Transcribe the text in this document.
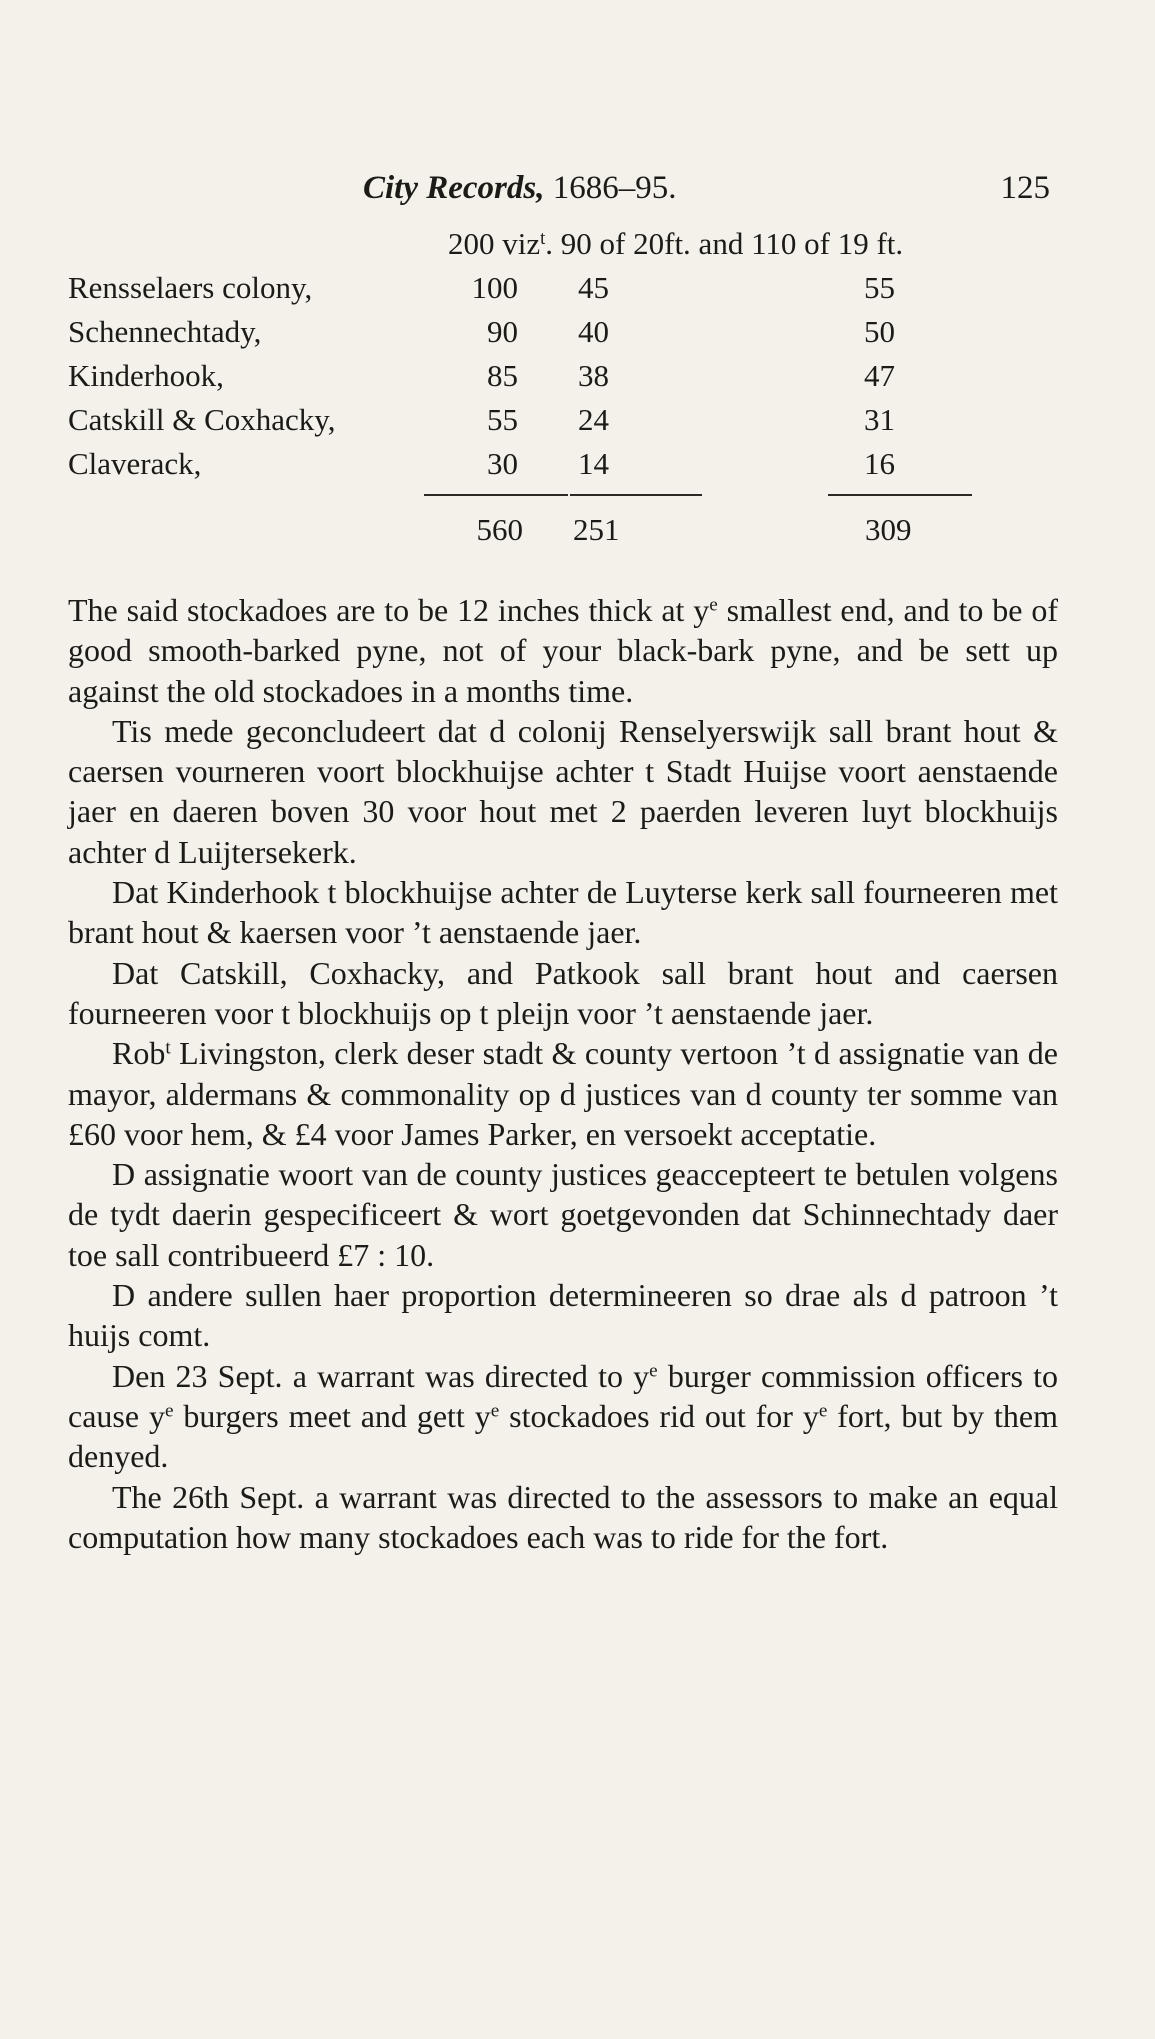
City Records, 1686–95.	125
200 viz$^t$. 90 of 20ft. and 110 of 19 ft.
Rensselaers colony,	100 45	55
Schennechtady,	90 40	50
Kinderhook,	85 38	47
Catskill & Coxhacky,	55 24	31
Claverack,	30 14	16
560 251	309

The said stockadoes are to be 12 inches thick at $y^e$ smallest end, and to be of good smooth-barked pyne, not of your black-bark pyne, and be sett up against the old stockadoes in a months time.

Tis mede geconcludeert dat d colonij Renselyerswijk sall brant hout & caersen vourneren voort blockhuijse achter t Stadt Huijse voort aenstaende jaer en daeren boven 30 voor hout met 2 paerden leveren luyt blockhuijs achter d Luijtersekerk.

Dat Kinderhook t blockhuijse achter de Luyterse kerk sall fourneeren met brant hout & kaersen voor ’t aenstaende jaer.

Dat Catskill, Coxhacky, and Patkook sall brant hout and caersen fourneeren voor t blockhuijs op t pleijn voor ’t aenstaende jaer.

Rob$^t$ Livingston, clerk deser stadt & county vertoon ’t d assignatie van de mayor, aldermans & commonality op d justices van d county ter somme van £60 voor hem, & £4 voor James Parker, en versoekt acceptatie.

D assignatie woort van de county justices geaccepteert te betulen volgens de tydt daerin gespecificeert & wort goetgevonden dat Schinnechtady daer toe sall contribueerd £7 : 10.

D andere sullen haer proportion determineeren so drae als d patroon ’t huijs comt.

Den 23 Sept. a warrant was directed to $y^e$ burger commission officers to cause $y^e$ burgers meet and gett $y^e$ stockadoes rid out for $y^e$ fort, but by them denyed.

The 26th Sept. a warrant was directed to the assessors to make an equal computation how many stockadoes each was to ride for the fort.
